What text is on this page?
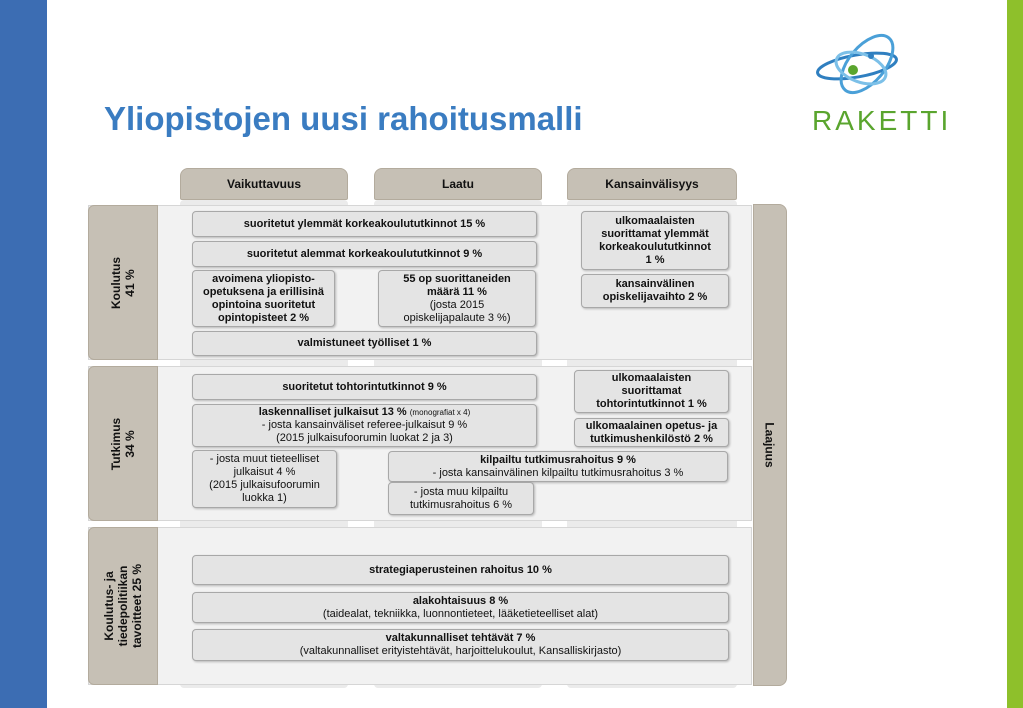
Yliopistojen uusi rahoitusmalli	RAKETTI
Vaikuttavuus	Laatu	Kansainvälisyys
Koulutus 41 %
Tutkimus 34 %
Koulutus- ja tiedepolitiikan tavoitteet 25 %
Laajuus
suoritetut ylemmät korkeakoulututkinnot 15 %
suoritetut alemmat korkeakoulututkinnot 9 %
avoimena yliopisto-
opetuksena ja erillisinä
opintoina suoritetut
opintopisteet 2 %
55 op suorittaneiden
määrä 11 %
(josta 2015
opiskelijapalaute 3 %)
ulkomaalaisten
suorittamat ylemmät
korkeakoulututkinnot
1 %
kansainvälinen
opiskelijavaihto 2 %
valmistuneet työlliset 1 %
suoritetut tohtorintutkinnot 9 %
laskennalliset julkaisut 13 % (monografiat x 4)
- josta kansainväliset referee-julkaisut 9 %
(2015 julkaisufoorumin luokat 2 ja 3)
- josta muut tieteelliset
julkaisut 4 %
(2015 julkaisufoorumin
luokka 1)
ulkomaalaisten
suorittamat
tohtorintutkinnot 1 %
ulkomaalainen opetus- ja
tutkimushenkilöstö 2 %
kilpailtu tutkimusrahoitus 9 %
- josta kansainvälinen kilpailtu tutkimusrahoitus 3 %
- josta muu kilpailtu
tutkimusrahoitus 6 %
strategiaperusteinen rahoitus 10 %
alakohtaisuus 8 %
(taidealat, tekniikka, luonnontieteet, lääketieteelliset alat)
valtakunnalliset tehtävät 7 %
(valtakunnalliset erityistehtävät, harjoittelukoulut, Kansalliskirjasto)
